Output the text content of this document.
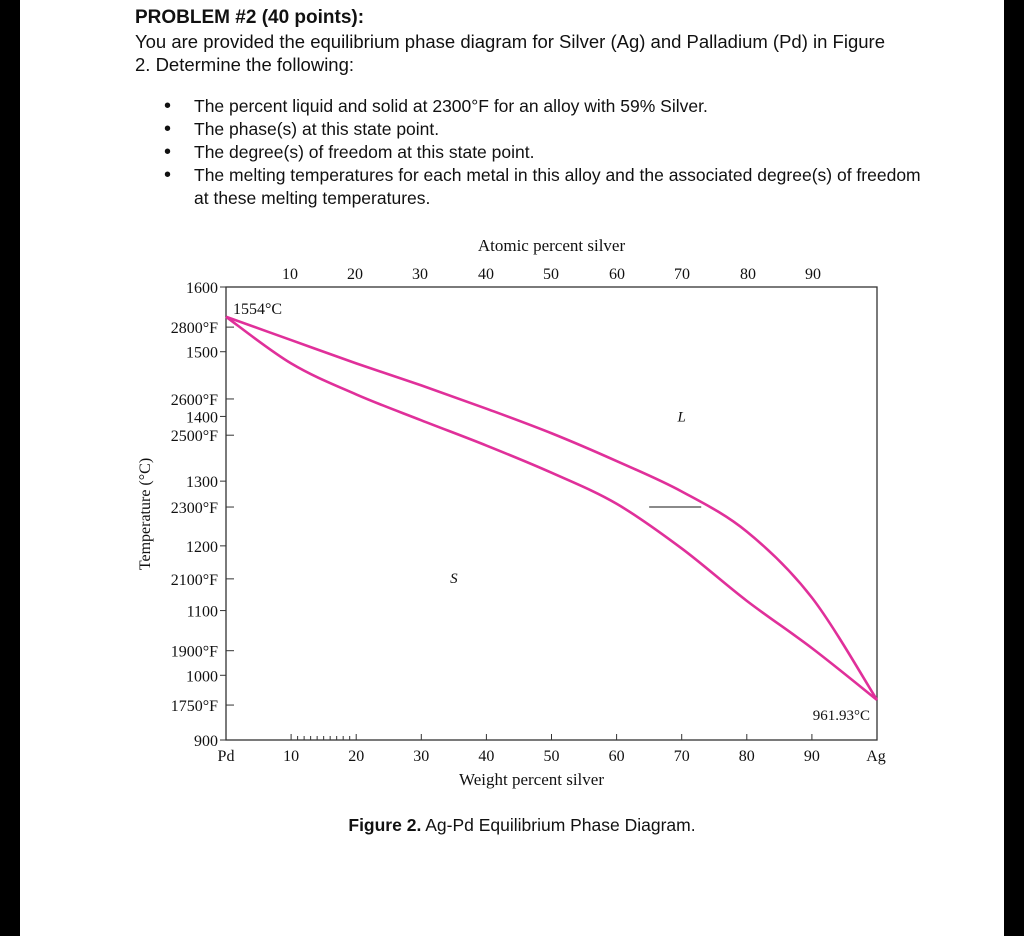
PROBLEM #2 (40 points):
You are provided the equilibrium phase diagram for Silver (Ag) and Palladium (Pd) in Figure 2. Determine the following:
• The percent liquid and solid at 2300°F for an alloy with 59% Silver.
• The phase(s) at this state point.
• The degree(s) of freedom at this state point.
• The melting temperatures for each metal in this alloy and the associated degree(s) of freedom at these melting temperatures.
Figure 2. Ag-Pd Equilibrium Phase Diagram.
Atomic percent silver
10	20	30	40	50	60	70	80	90
10	20	30	40	50	60	70	80	90
Pd	Ag
Weight percent silver
Temperature (°C)
1600
1500
1400
1300
1200
1100
1000
900
2800°F
2600°F
2500°F
2300°F
2100°F
1900°F
1750°F
1554°C
961.93°C
L
S
